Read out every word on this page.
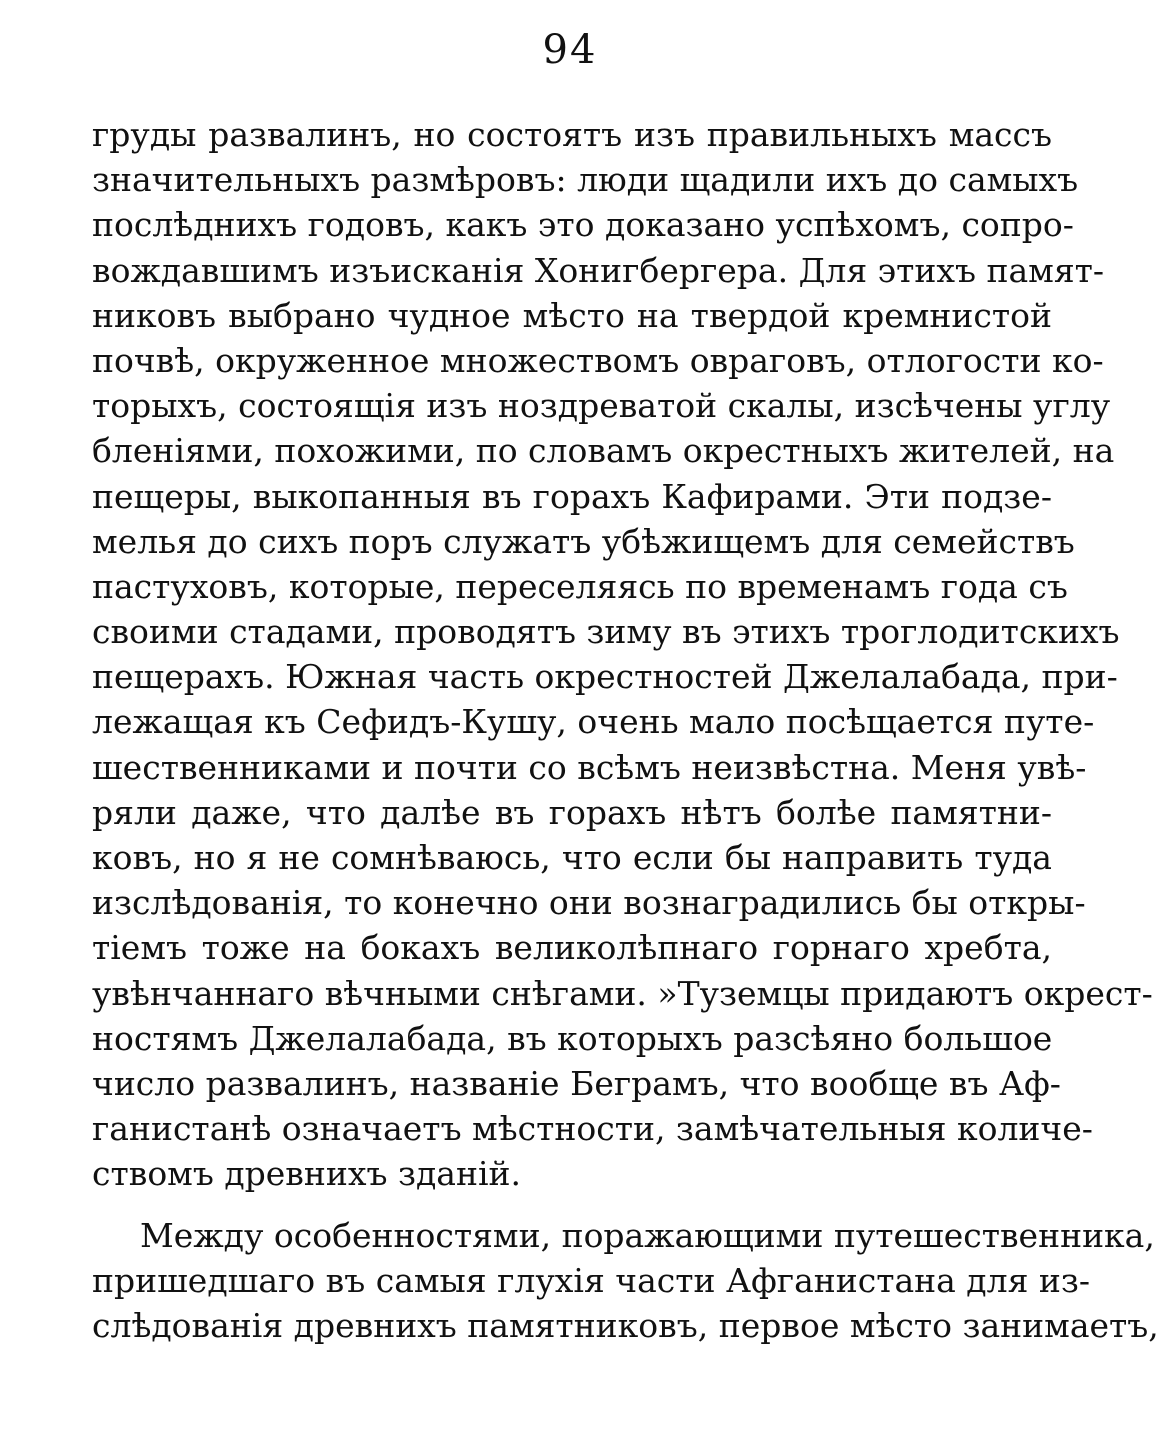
94
груды развалинъ, но состоятъ изъ правильныхъ массъ
значительныхъ размѣровъ: люди щадили ихъ до самыхъ
послѣднихъ годовъ, какъ это доказано успѣхомъ, сопро-
вождавшимъ изъисканія Хонигбергера. Для этихъ памят-
никовъ выбрано чудное мѣсто на твердой кремнистой
почвѣ, окруженное множествомъ овраговъ, отлогости ко-
торыхъ, состоящія изъ ноздреватой скалы, изсѣчены углу
бленіями, похожими, по словамъ окрестныхъ жителей, на
пещеры, выкопанныя въ горахъ Кафирами. Эти подзе-
мелья до сихъ поръ служатъ убѣжищемъ для семействъ
пастуховъ, которые, переселяясь по временамъ года съ
своими стадами, проводятъ зиму въ этихъ троглодитскихъ
пещерахъ. Южная часть окрестностей Джелалабада, при-
лежащая къ Сефидъ-Кушу, очень мало посѣщается путе-
шественниками и почти со всѣмъ неизвѣстна. Меня увѣ-
ряли даже, что далѣе въ горахъ нѣтъ болѣе памятни-
ковъ, но я не сомнѣваюсь, что если бы направить туда
изслѣдованія, то конечно они вознаградились бы откры-
тіемъ тоже на бокахъ великолѣпнаго горнаго хребта,
увѣнчаннаго вѣчными снѣгами. »Туземцы придаютъ окрест-
ностямъ Джелалабада, въ которыхъ разсѣяно большое
число развалинъ, названіе Беграмъ, что вообще въ Аф-
ганистанѣ означаетъ мѣстности, замѣчательныя количе-
ствомъ древнихъ зданій.
Между особенностями, поражающими путешественника,
пришедшаго въ самыя глухія части Афганистана для из-
слѣдованія древнихъ памятниковъ, первое мѣсто занимаетъ,
